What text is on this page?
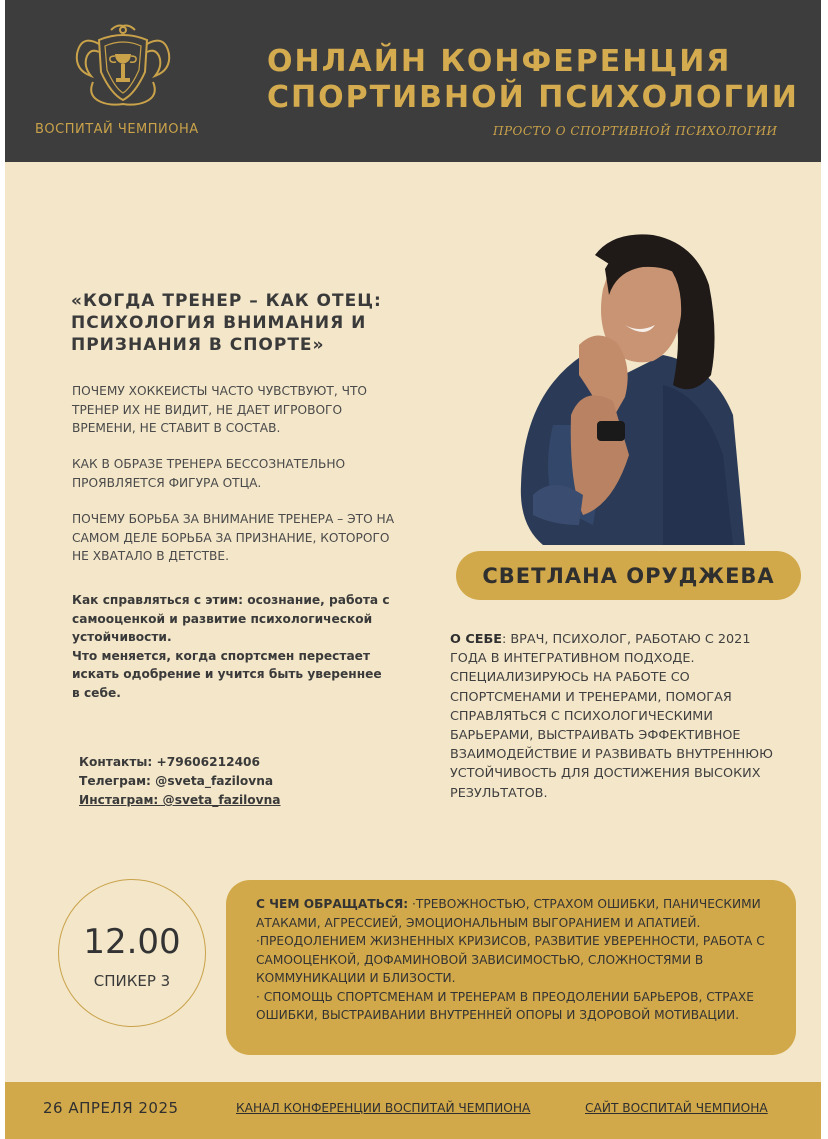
ВОСПИТАЙ ЧЕМПИОНА
ОНЛАЙН КОНФЕРЕНЦИЯ
СПОРТИВНОЙ ПСИХОЛОГИИ
ПРОСТО О СПОРТИВНОЙ ПСИХОЛОГИИ
«КОГДА ТРЕНЕР – КАК ОТЕЦ: ПСИХОЛОГИЯ ВНИМАНИЯ И ПРИЗНАНИЯ В СПОРТЕ»
ПОЧЕМУ ХОККЕИСТЫ ЧАСТО ЧУВСТВУЮТ, ЧТО ТРЕНЕР ИХ НЕ ВИДИТ, НЕ ДАЕТ ИГРОВОГО ВРЕМЕНИ, НЕ СТАВИТ В СОСТАВ.
КАК В ОБРАЗЕ ТРЕНЕРА БЕССОЗНАТЕЛЬНО ПРОЯВЛЯЕТСЯ ФИГУРА ОТЦА.
ПОЧЕМУ БОРЬБА ЗА ВНИМАНИЕ ТРЕНЕРА – ЭТО НА САМОМ ДЕЛЕ БОРЬБА ЗА ПРИЗНАНИЕ, КОТОРОГО НЕ ХВАТАЛО В ДЕТСТВЕ.
Как справляться с этим: осознание, работа с самооценкой и развитие психологической устойчивости.
Что меняется, когда спортсмен перестает искать одобрение и учится быть увереннее в себе.
Контакты: +79606212406
Телеграм: @sveta_fazilovna
Инстаграм: @sveta_fazilovna
СВЕТЛАНА ОРУДЖЕВА
О СЕБЕ: ВРАЧ, ПСИХОЛОГ, РАБОТАЮ С 2021 ГОДА В ИНТЕГРАТИВНОМ ПОДХОДЕ. СПЕЦИАЛИЗИРУЮСЬ НА РАБОТЕ СО СПОРТСМЕНАМИ И ТРЕНЕРАМИ, ПОМОГАЯ СПРАВЛЯТЬСЯ С ПСИХОЛОГИЧЕСКИМИ БАРЬЕРАМИ, ВЫСТРАИВАТЬ ЭФФЕКТИВНОЕ ВЗАИМОДЕЙСТВИЕ И РАЗВИВАТЬ ВНУТРЕННЮЮ УСТОЙЧИВОСТЬ ДЛЯ ДОСТИЖЕНИЯ ВЫСОКИХ РЕЗУЛЬТАТОВ.
12.00
СПИКЕР 3
С ЧЕМ ОБРАЩАТЬСЯ: ·ТРЕВОЖНОСТЬЮ, СТРАХОМ ОШИБКИ, ПАНИЧЕСКИМИ АТАКАМИ, АГРЕССИЕЙ, ЭМОЦИОНАЛЬНЫМ ВЫГОРАНИЕМ И АПАТИЕЙ.
·ПРЕОДОЛЕНИЕМ ЖИЗНЕННЫХ КРИЗИСОВ, РАЗВИТИЕ УВЕРЕННОСТИ, РАБОТА С САМООЦЕНКОЙ, ДОФАМИНОВОЙ ЗАВИСИМОСТЬЮ, СЛОЖНОСТЯМИ В КОММУНИКАЦИИ И БЛИЗОСТИ.
· СПОМОЩЬ СПОРТСМЕНАМ И ТРЕНЕРАМ В ПРЕОДОЛЕНИИ БАРЬЕРОВ, СТРАХЕ ОШИБКИ, ВЫСТРАИВАНИИ ВНУТРЕННЕЙ ОПОРЫ И ЗДОРОВОЙ МОТИВАЦИИ.
26 АПРЕЛЯ 2025	КАНАЛ КОНФЕРЕНЦИИ ВОСПИТАЙ ЧЕМПИОНА	САЙТ ВОСПИТАЙ ЧЕМПИОНА
